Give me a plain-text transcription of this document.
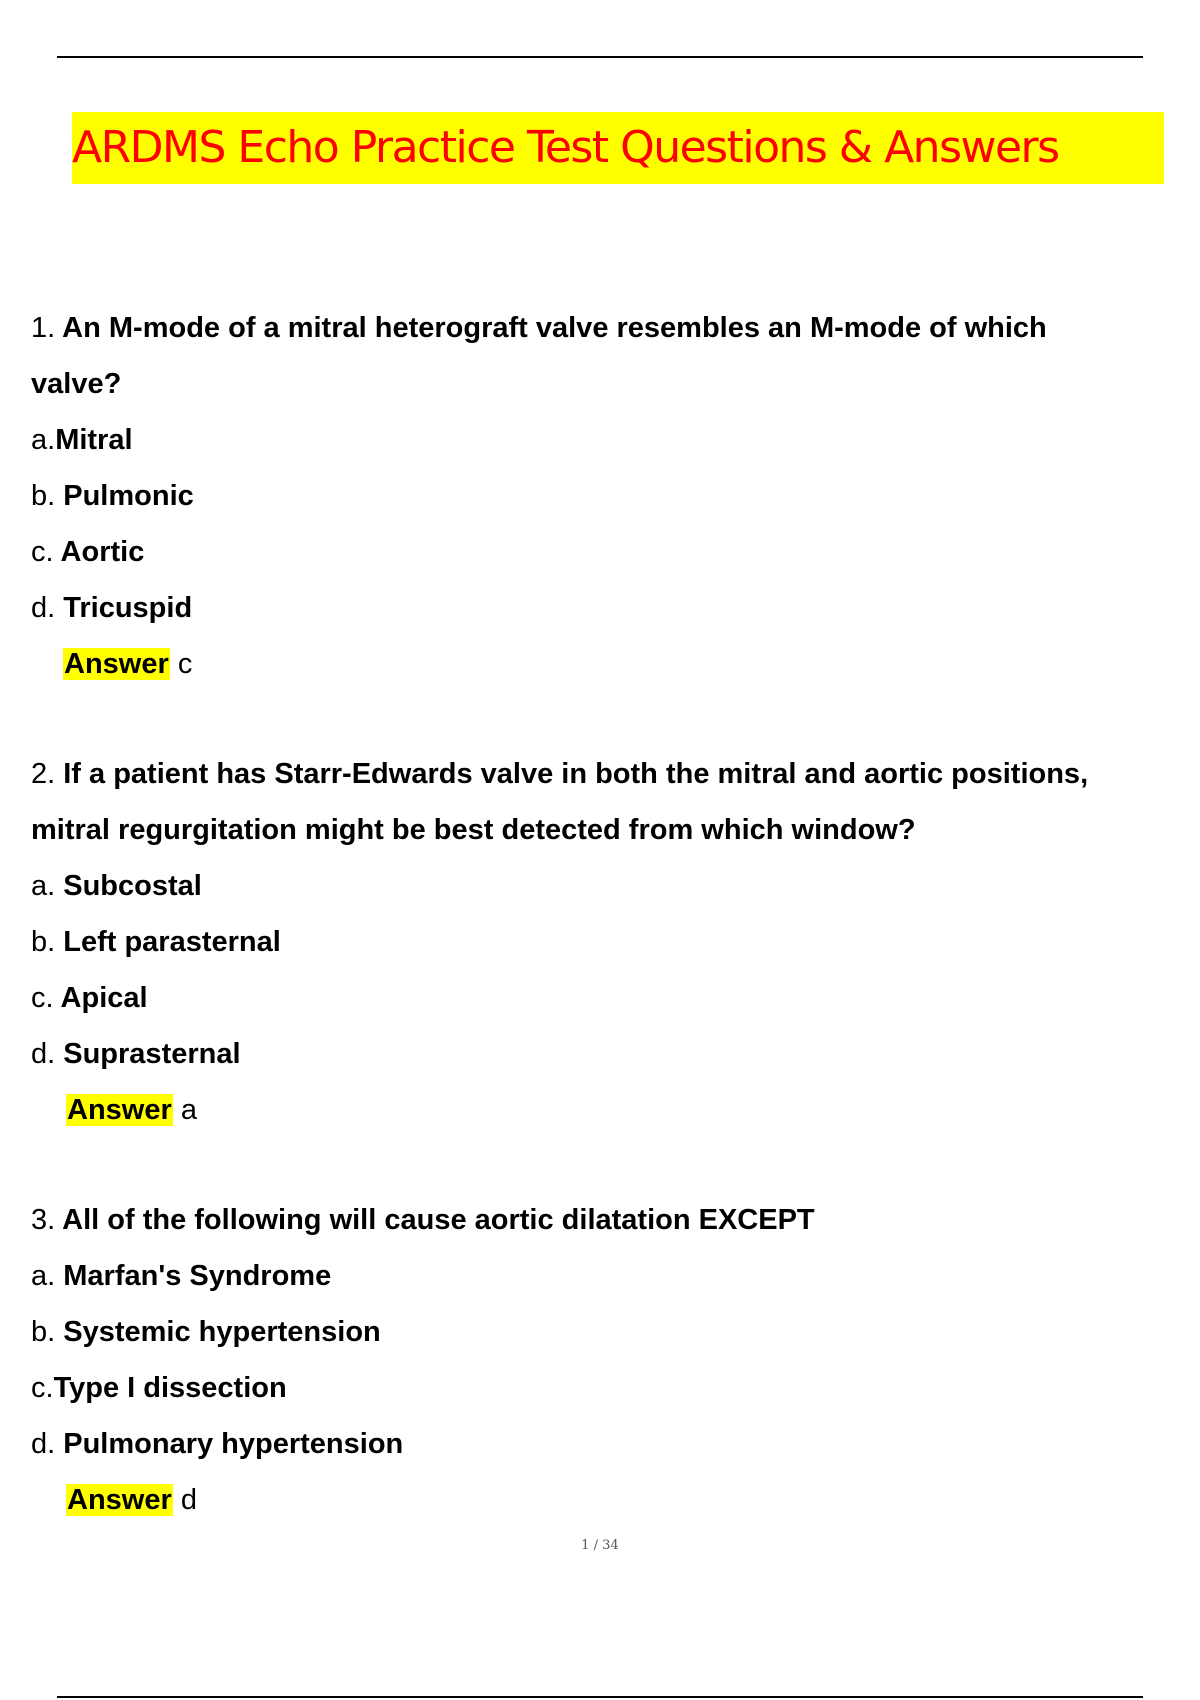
ARDMS Echo Practice Test Questions & Answers
1. An M-mode of a mitral heterograft valve resembles an M-mode of which
valve?
a.Mitral
b. Pulmonic
c. Aortic
d. Tricuspid
Answer c
2. If a patient has Starr-Edwards valve in both the mitral and aortic positions,
mitral regurgitation might be best detected from which window?
a. Subcostal
b. Left parasternal
c. Apical
d. Suprasternal
Answer a
3. All of the following will cause aortic dilatation EXCEPT
a. Marfan's Syndrome
b. Systemic hypertension
c.Type I dissection
d. Pulmonary hypertension
Answer d
1 / 34
